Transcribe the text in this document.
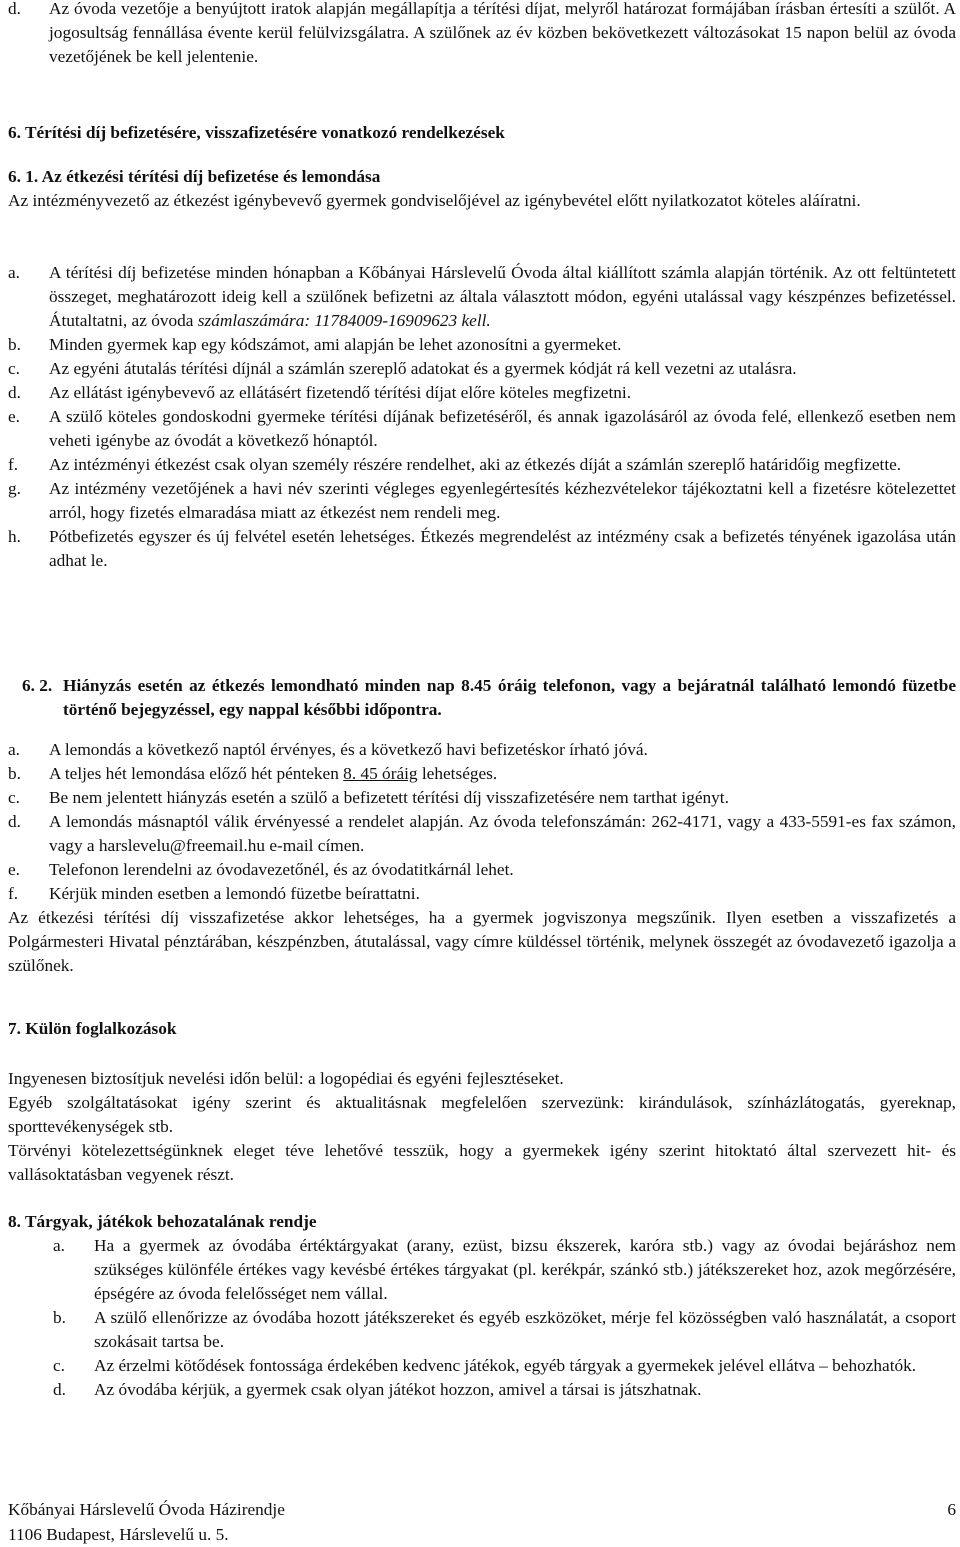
d.	Az óvoda vezetője a benyújtott iratok alapján megállapítja a térítési díjat, melyről határozat formájában írásban értesíti a szülőt. A jogosultság fennállása évente kerül felülvizsgálatra. A szülőnek az év közben bekövetkezett változásokat 15 napon belül az óvoda vezetőjének be kell jelentenie.
6. Térítési díj befizetésére, visszafizetésére vonatkozó rendelkezések
6. 1. Az étkezési térítési díj befizetése és lemondása
Az intézményvezető az étkezést igénybevevő gyermek gondviselőjével az igénybevétel előtt nyilatkozatot köteles aláíratni.
a.	A térítési díj befizetése minden hónapban a Kőbányai Hárslevelű Óvoda által kiállított számla alapján történik. Az ott feltüntetett összeget, meghatározott ideig kell a szülőnek befizetni az általa választott módon, egyéni utalással vagy készpénzes befizetéssel. Átutaltatni, az óvoda számlaszámára: 11784009-16909623 kell.
b.	Minden gyermek kap egy kódszámot, ami alapján be lehet azonosítni a gyermeket.
c.	Az egyéni átutalás térítési díjnál a számlán szereplő adatokat és a gyermek kódját rá kell vezetni az utalásra.
d.	Az ellátást igénybevevő az ellátásért fizetendő térítési díjat előre köteles megfizetni.
e.	A szülő köteles gondoskodni gyermeke térítési díjának befizetéséről, és annak igazolásáról az óvoda felé, ellenkező esetben nem veheti igénybe az óvodát a következő hónaptól.
f.	Az intézményi étkezést csak olyan személy részére rendelhet, aki az étkezés díját a számlán szereplő határidőig megfizette.
g.	Az intézmény vezetőjének a havi név szerinti végleges egyenlegértesítés kézhezvételekor tájékoztatni kell a fizetésre kötelezettet arról, hogy fizetés elmaradása miatt az étkezést nem rendeli meg.
h.	Pótbefizetés egyszer és új felvétel esetén lehetséges. Étkezés megrendelést az intézmény csak a befizetés tényének igazolása után adhat le.
6. 2. Hiányzás esetén az étkezés lemondható minden nap 8.45 óráig telefonon, vagy a bejáratnál található lemondó füzetbe történő bejegyzéssel, egy nappal későbbi időpontra.
a.	A lemondás a következő naptól érvényes, és a következő havi befizetéskor írható jóvá.
b.	A teljes hét lemondása előző hét pénteken 8. 45 óráig lehetséges.
c.	Be nem jelentett hiányzás esetén a szülő a befizetett térítési díj visszafizetésére nem tarthat igényt.
d.	A lemondás másnaptól válik érvényessé a rendelet alapján. Az óvoda telefonszámán: 262-4171, vagy a 433-5591-es fax számon, vagy a harslevelu@freemail.hu e-mail címen.
e.	Telefonon lerendelni az óvodavezetőnél, és az óvodatitkárnál lehet.
f.	Kérjük minden esetben a lemondó füzetbe beírattatni.
Az étkezési térítési díj visszafizetése akkor lehetséges, ha a gyermek jogviszonya megszűnik. Ilyen esetben a visszafizetés a Polgármesteri Hivatal pénztárában, készpénzben, átutalással, vagy címre küldéssel történik, melynek összegét az óvodavezető igazolja a szülőnek.
7. Külön foglalkozások
Ingyenesen biztosítjuk nevelési időn belül: a logopédiai és egyéni fejlesztéseket.
Egyéb szolgáltatásokat igény szerint és aktualitásnak megfelelően szervezünk: kirándulások, színházlátogatás, gyereknap, sporttevékenységek stb.
Törvényi kötelezettségünknek eleget téve lehetővé tesszük, hogy a gyermekek igény szerint hitoktató által szervezett hit- és vallásoktatásban vegyenek részt.
8. Tárgyak, játékok behozatalának rendje
a.	Ha a gyermek az óvodába értéktárgyakat (arany, ezüst, bizsu ékszerek, karóra stb.) vagy az óvodai bejáráshoz nem szükséges különféle értékes vagy kevésbé értékes tárgyakat (pl. kerékpár, szánkó stb.) játékszereket hoz, azok megőrzésére, épségére az óvoda felelősséget nem vállal.
b.	A szülő ellenőrizze az óvodába hozott játékszereket és egyéb eszközöket, mérje fel közösségben való használatát, a csoport szokásait tartsa be.
c.	Az érzelmi kötődések fontossága érdekében kedvenc játékok, egyéb tárgyak a gyermekek jelével ellátva – behozhatók.
d.	Az óvodába kérjük, a gyermek csak olyan játékot hozzon, amivel a társai is játszhatnak.
Kőbányai Hárslevelű Óvoda Házirendje	6
1106 Budapest, Hárslevelű u. 5.
